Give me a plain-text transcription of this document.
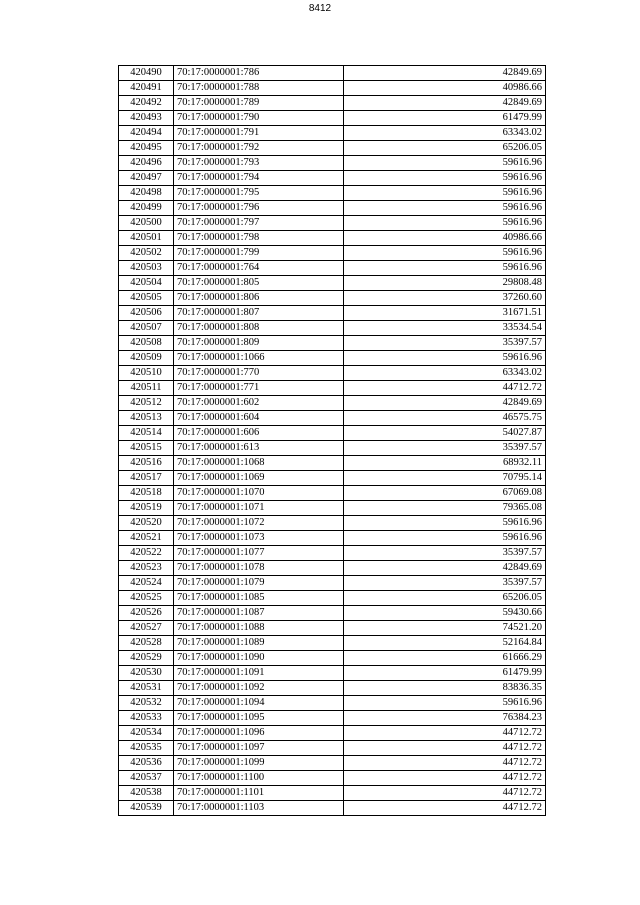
8412
420490	70:17:0000001:786	42849.69
420491	70:17:0000001:788	40986.66
420492	70:17:0000001:789	42849.69
420493	70:17:0000001:790	61479.99
420494	70:17:0000001:791	63343.02
420495	70:17:0000001:792	65206.05
420496	70:17:0000001:793	59616.96
420497	70:17:0000001:794	59616.96
420498	70:17:0000001:795	59616.96
420499	70:17:0000001:796	59616.96
420500	70:17:0000001:797	59616.96
420501	70:17:0000001:798	40986.66
420502	70:17:0000001:799	59616.96
420503	70:17:0000001:764	59616.96
420504	70:17:0000001:805	29808.48
420505	70:17:0000001:806	37260.60
420506	70:17:0000001:807	31671.51
420507	70:17:0000001:808	33534.54
420508	70:17:0000001:809	35397.57
420509	70:17:0000001:1066	59616.96
420510	70:17:0000001:770	63343.02
420511	70:17:0000001:771	44712.72
420512	70:17:0000001:602	42849.69
420513	70:17:0000001:604	46575.75
420514	70:17:0000001:606	54027.87
420515	70:17:0000001:613	35397.57
420516	70:17:0000001:1068	68932.11
420517	70:17:0000001:1069	70795.14
420518	70:17:0000001:1070	67069.08
420519	70:17:0000001:1071	79365.08
420520	70:17:0000001:1072	59616.96
420521	70:17:0000001:1073	59616.96
420522	70:17:0000001:1077	35397.57
420523	70:17:0000001:1078	42849.69
420524	70:17:0000001:1079	35397.57
420525	70:17:0000001:1085	65206.05
420526	70:17:0000001:1087	59430.66
420527	70:17:0000001:1088	74521.20
420528	70:17:0000001:1089	52164.84
420529	70:17:0000001:1090	61666.29
420530	70:17:0000001:1091	61479.99
420531	70:17:0000001:1092	83836.35
420532	70:17:0000001:1094	59616.96
420533	70:17:0000001:1095	76384.23
420534	70:17:0000001:1096	44712.72
420535	70:17:0000001:1097	44712.72
420536	70:17:0000001:1099	44712.72
420537	70:17:0000001:1100	44712.72
420538	70:17:0000001:1101	44712.72
420539	70:17:0000001:1103	44712.72
